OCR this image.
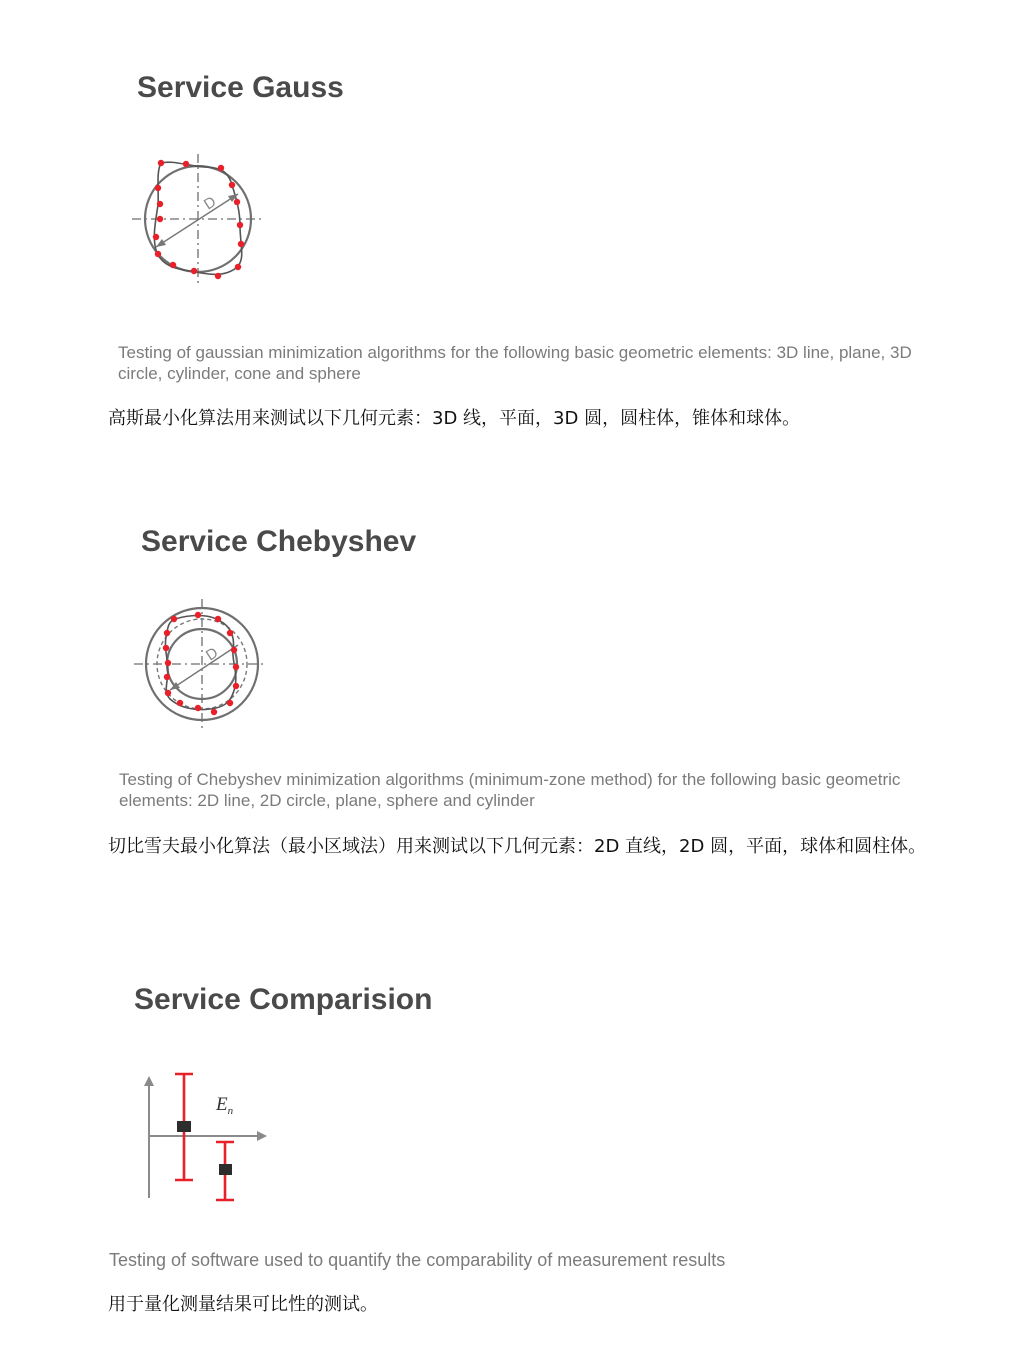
Service Gauss
D

Testing of gaussian minimization algorithms for the following basic geometric elements: 3D line, plane, 3D circle, cylinder, cone and sphere

高斯最小化算法用来测试以下几何元素：3D 线，平面，3D 圆，圆柱体，锥体和球体。

Service Chebyshev
D

Testing of Chebyshev minimization algorithms (minimum-zone method) for the following basic geometric elements: 2D line, 2D circle, plane, sphere and cylinder

切比雪夫最小化算法（最小区域法）用来测试以下几何元素：2D 直线，2D 圆，平面，球体和圆柱体。

Service Comparision
$E_n$

Testing of software used to quantify the comparability of measurement results

用于量化测量结果可比性的测试。
